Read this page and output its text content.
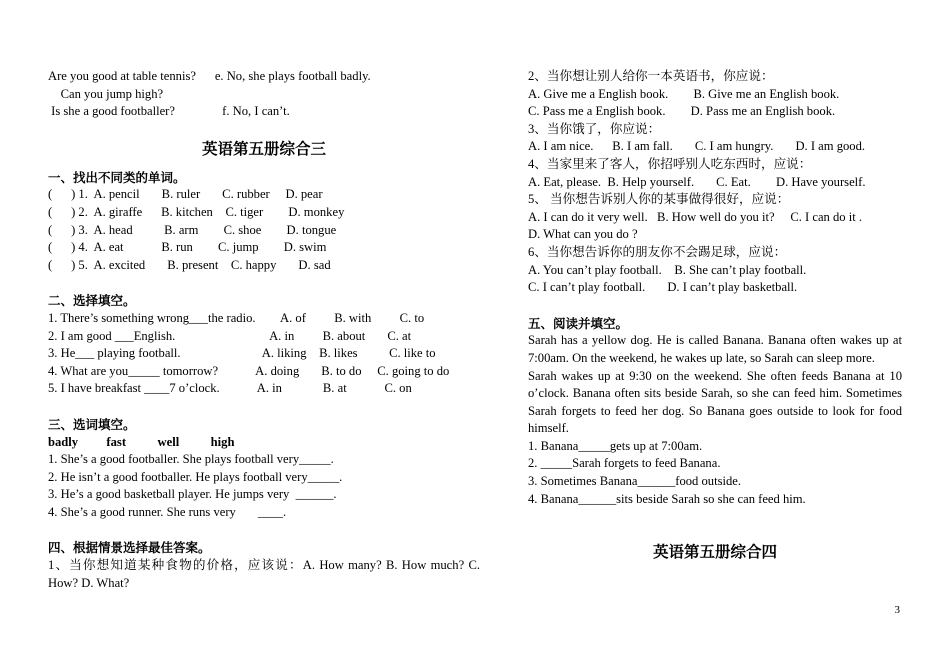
Are you good at table tennis?      e. No, she plays football badly.
Can you jump high?
Is she a good footballer?               f. No, I can’t.
英语第五册综合三
一、找出不同类的单词。
(      ) 1.  A. pencil       B. ruler       C. rubber     D. pear
(      ) 2.  A. giraffe      B. kitchen    C. tiger        D. monkey
(      ) 3.  A. head          B. arm        C. shoe        D. tongue
(      ) 4.  A. eat            B. run        C. jump        D. swim
(      ) 5.  A. excited       B. present    C. happy       D. sad
二、选择填空。
1. There’s something wrong___the radio.        A. of         B. with         C. to
2. I am good ___English.                              A. in         B. about       C. at
3. He___ playing football.                          A. liking    B. likes          C. like to
4. What are you_____ tomorrow?            A. doing       B. to do     C. going to do
5. I have breakfast ____7 o’clock.            A. in             B. at            C. on
三、选词填空。
badly         fast          well          high
1. She’s a good footballer. She plays football very_____.
2. He isn’t a good footballer. He plays football very_____.
3. He’s a good basketball player. He jumps very  ______.
4. She’s a good runner. She runs very       ____.
四、根据情景选择最佳答案。
1、当你想知道某种食物的价格，应该说：A. How many? B. How much? C. How? D. What?
2、当你想让别人给你一本英语书，你应说：
A. Give me a English book.        B. Give me an English book.
C. Pass me a English book.        D. Pass me an English book.
3、当你饿了，你应说：
A. I am nice.      B. I am fall.       C. I am hungry.       D. I am good.
4、当家里来了客人，你招呼别人吃东西时，应说：
A. Eat, please.  B. Help yourself.       C. Eat.        D. Have yourself.
5、 当你想告诉别人你的某事做得很好，应说：
A. I can do it very well.   B. How well do you it?     C. I can do it .
D. What can you do ?
6、当你想告诉你的朋友你不会踢足球，应说：
A. You can’t play football.    B. She can’t play football.
C. I can’t play football.       D. I can’t play basketball.
五、阅读并填空。
Sarah has a yellow dog. He is called Banana. Banana often wakes up at 7:00am. On the weekend, he wakes up late, so Sarah can sleep more.
Sarah wakes up at 9:30 on the weekend. She often feeds Banana at 10 o’clock. Banana often sits beside Sarah, so she can feed him. Sometimes Sarah forgets to feed her dog. So Banana goes outside to look for food himself.
1. Banana_____gets up at 7:00am.
2. _____Sarah forgets to feed Banana.
3. Sometimes Banana______food outside.
4. Banana______sits beside Sarah so she can feed him.
英语第五册综合四
3
